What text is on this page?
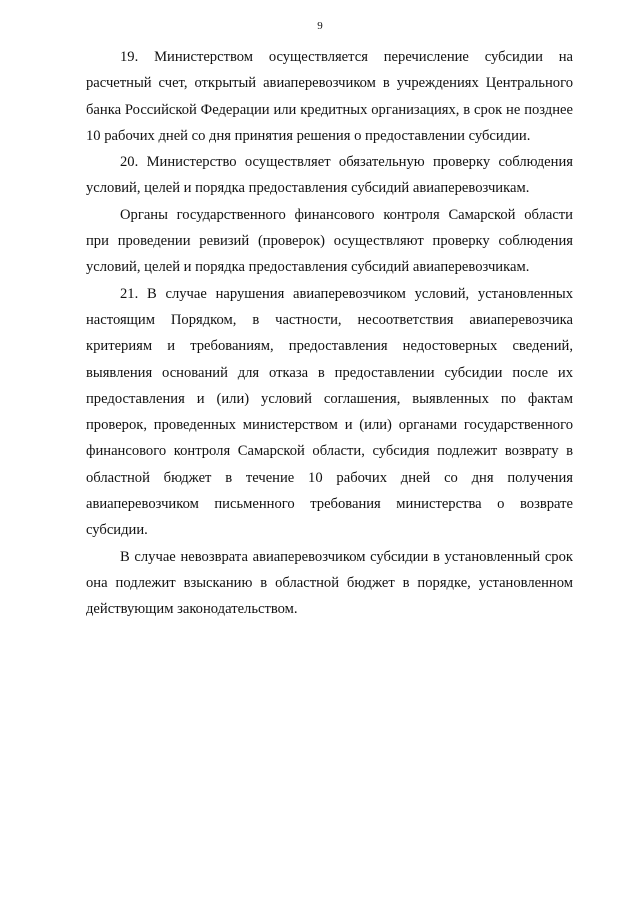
9

19. Министерством осуществляется перечисление субсидии на расчетный счет, открытый авиаперевозчиком в учреждениях Центрального банка Российской Федерации или кредитных организациях, в срок не позднее 10 рабочих дней со дня принятия решения о предоставлении субсидии.

20. Министерство осуществляет обязательную проверку соблюдения условий, целей и порядка предоставления субсидий авиаперевозчикам.

Органы государственного финансового контроля Самарской области при проведении ревизий (проверок) осуществляют проверку соблюдения условий, целей и порядка предоставления субсидий авиаперевозчикам.

21. В случае нарушения авиаперевозчиком условий, установленных настоящим Порядком, в частности, несоответствия авиаперевозчика критериям и требованиям, предоставления недостоверных сведений, выявления оснований для отказа в предоставлении субсидии после их предоставления и (или) условий соглашения, выявленных по фактам проверок, проведенных министерством и (или) органами государственного финансового контроля Самарской области, субсидия подлежит возврату в областной бюджет в течение 10 рабочих дней со дня получения авиаперевозчиком письменного требования министерства о возврате субсидии.

В случае невозврата авиаперевозчиком субсидии в установленный срок она подлежит взысканию в областной бюджет в порядке, установленном действующим законодательством.
